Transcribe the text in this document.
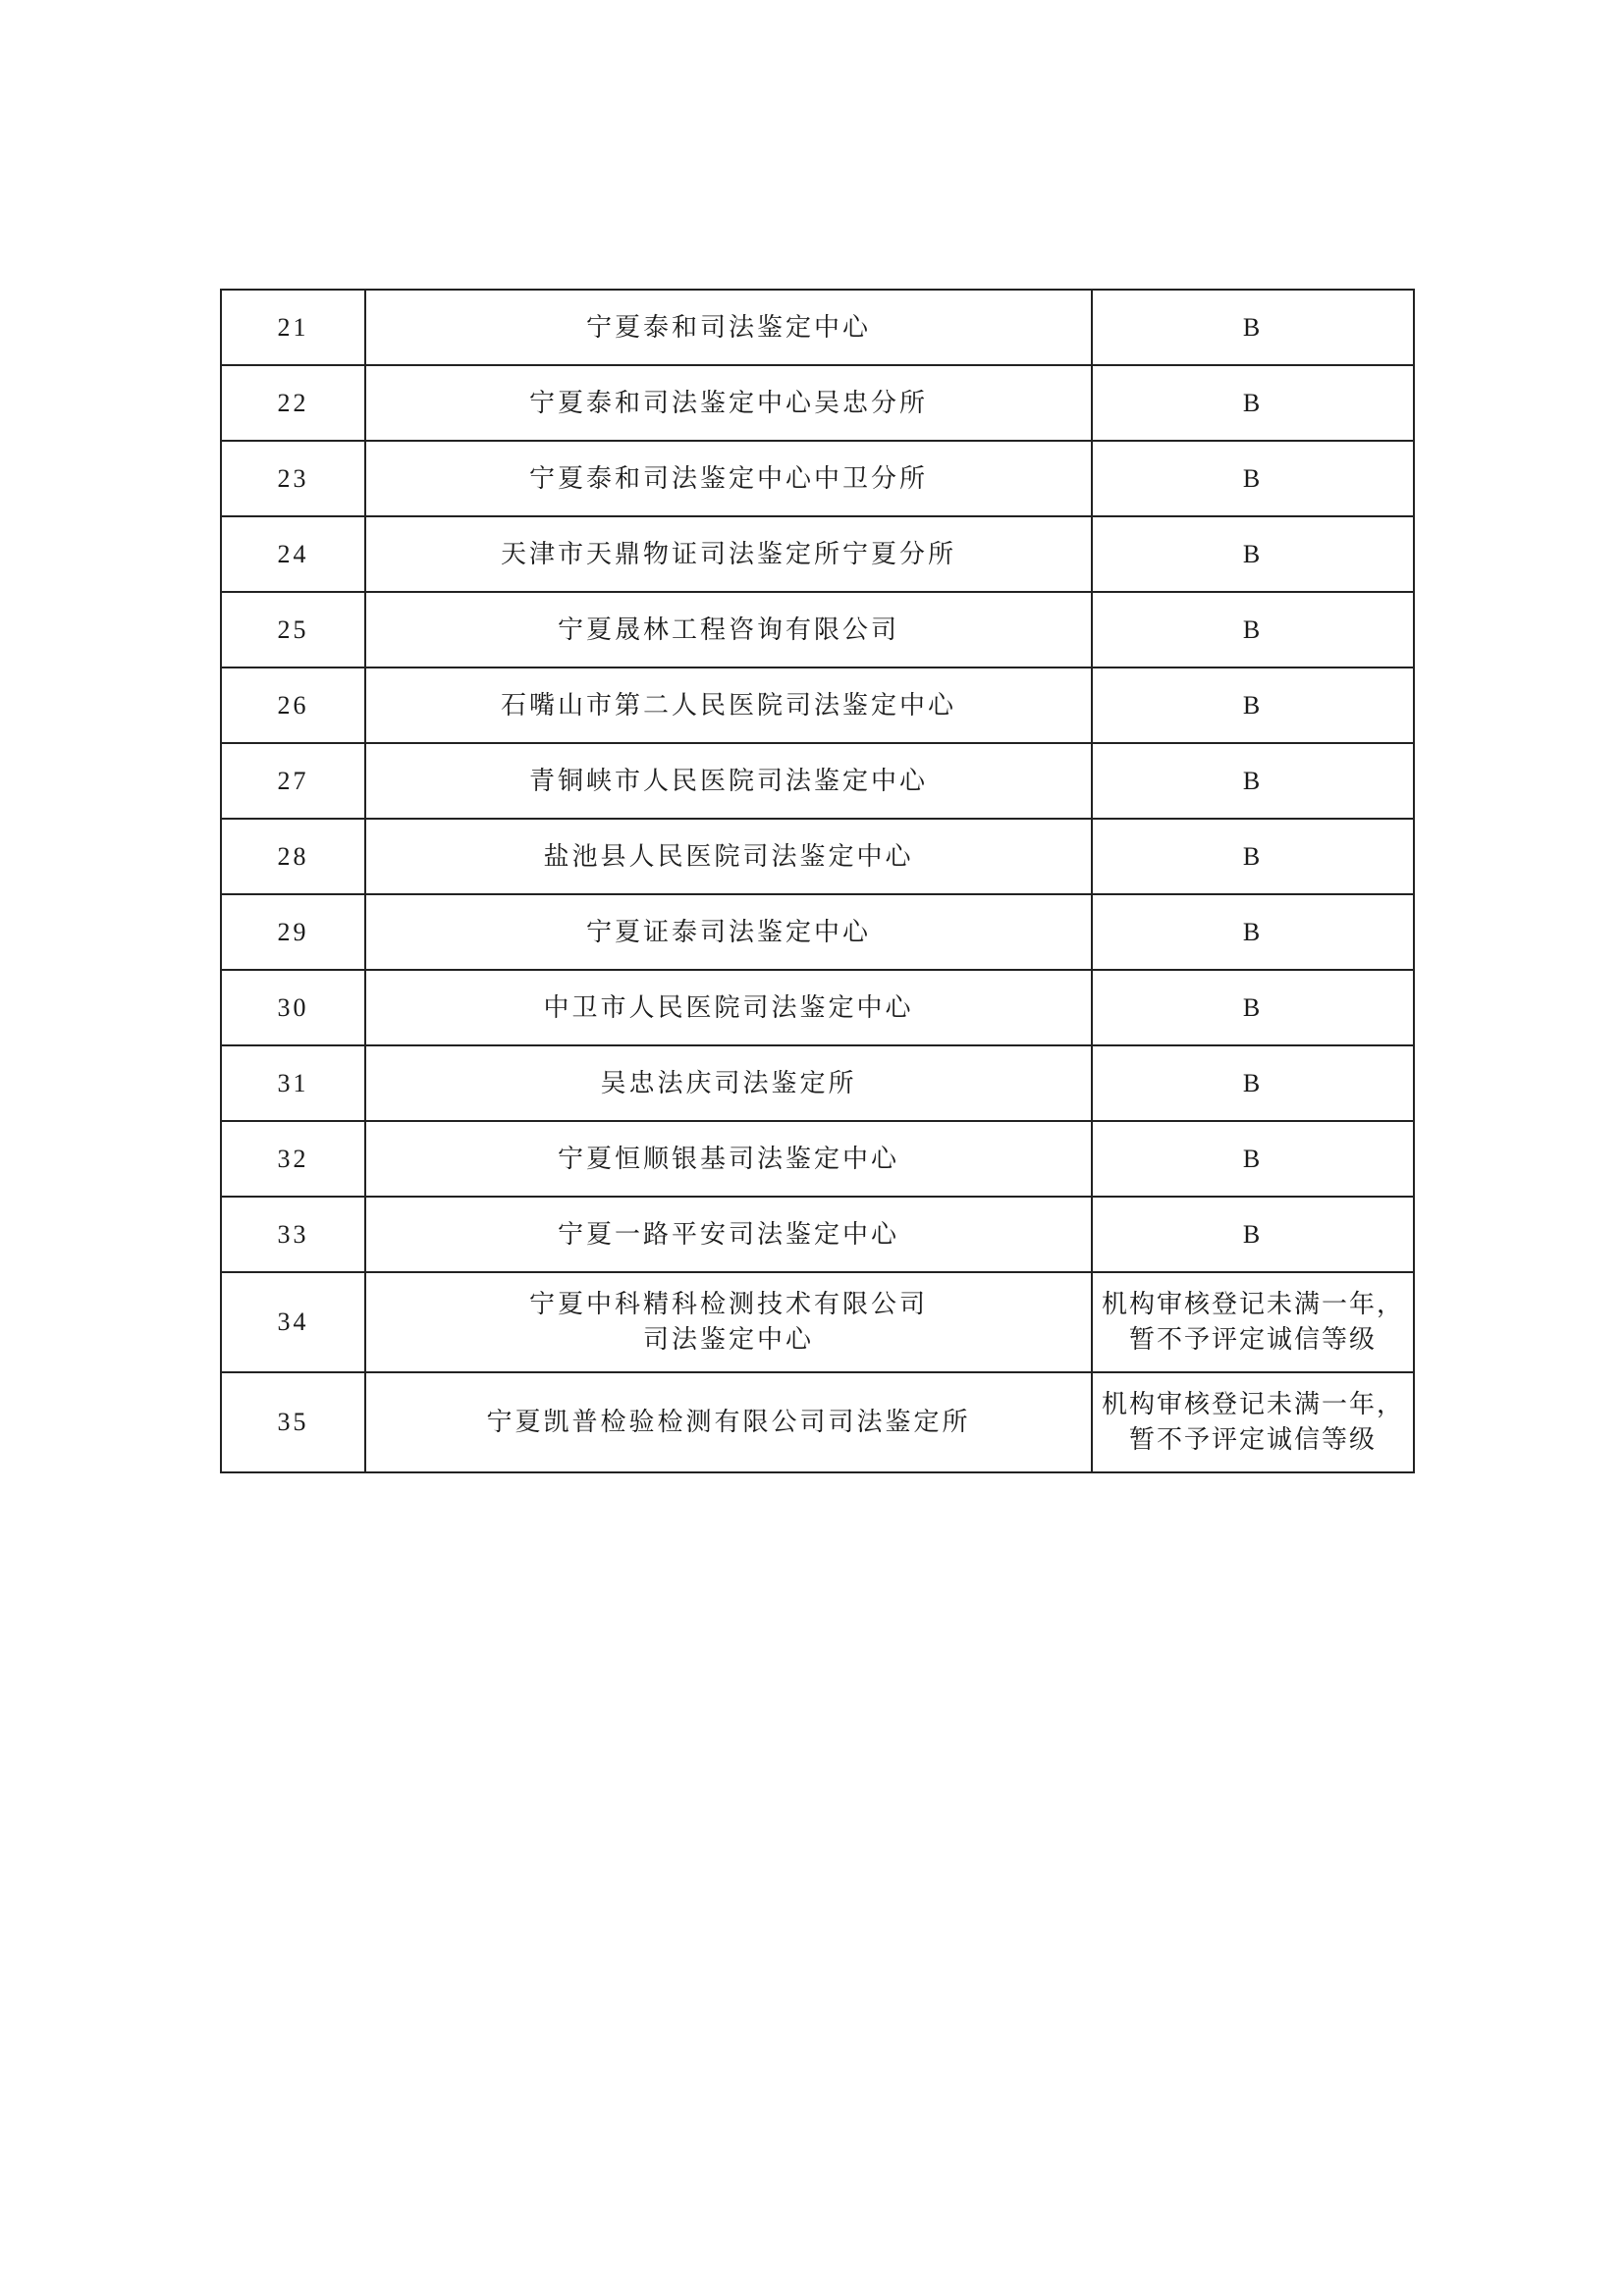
21	宁夏泰和司法鉴定中心	B

22	宁夏泰和司法鉴定中心吴忠分所	B

23	宁夏泰和司法鉴定中心中卫分所	B

24	天津市天鼎物证司法鉴定所宁夏分所	B

25	宁夏晟林工程咨询有限公司	B

26	石嘴山市第二人民医院司法鉴定中心	B

27	青铜峡市人民医院司法鉴定中心	B

28	盐池县人民医院司法鉴定中心	B

29	宁夏证泰司法鉴定中心	B

30	中卫市人民医院司法鉴定中心	B

31	吴忠法庆司法鉴定所	B

32	宁夏恒顺银基司法鉴定中心	B

33	宁夏一路平安司法鉴定中心	B

34	宁夏中科精科检测技术有限公司
司法鉴定中心	机构审核登记未满一年，
暂不予评定诚信等级

35	宁夏凯普检验检测有限公司司法鉴定所	机构审核登记未满一年，
暂不予评定诚信等级
